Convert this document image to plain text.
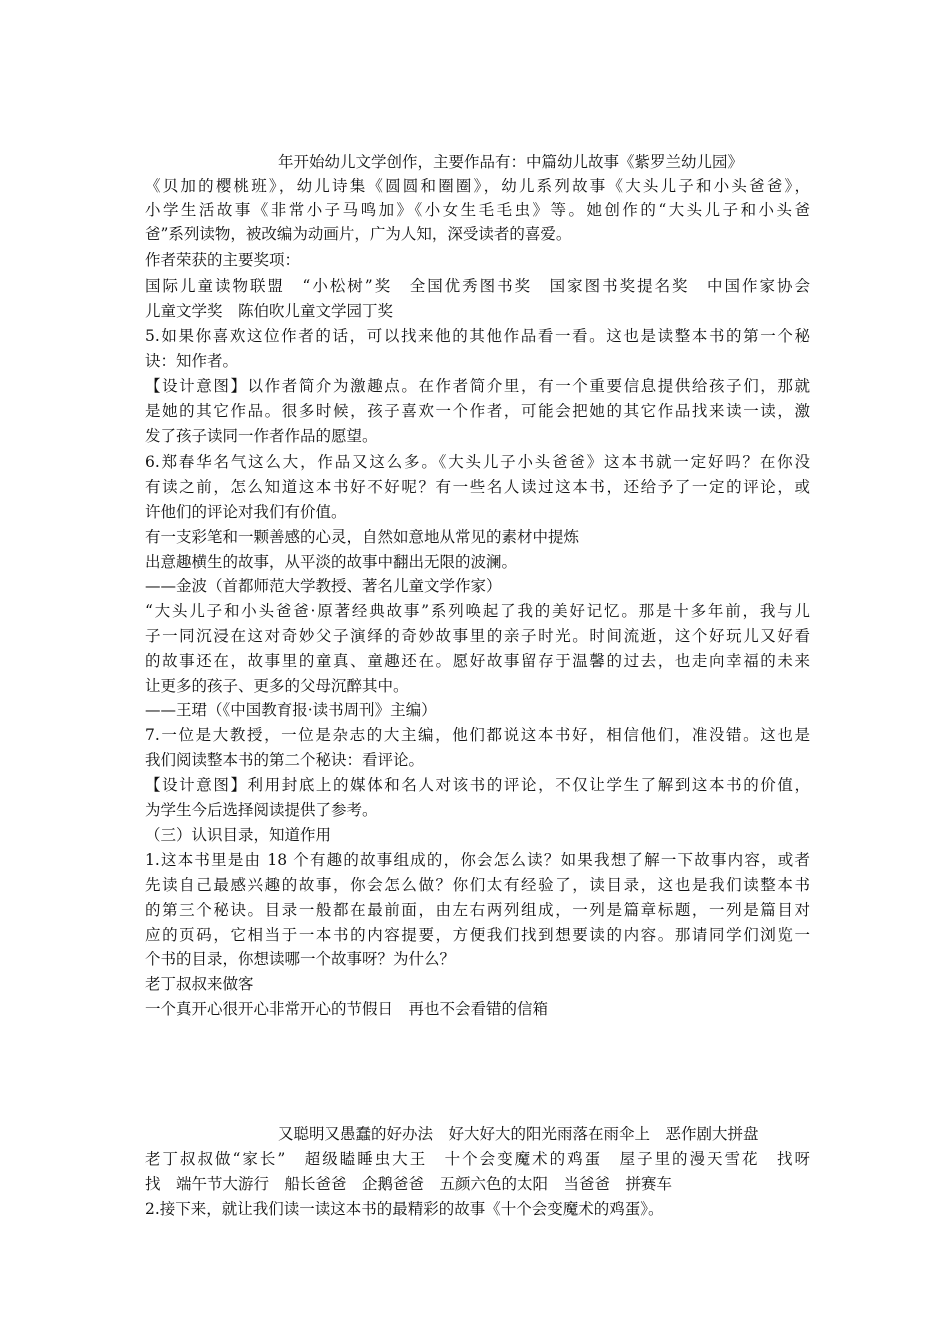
年开始幼儿文学创作，主要作品有：中篇幼儿故事《紫罗兰幼儿园》
《贝加的樱桃班》，幼儿诗集《圆圆和圈圈》，幼儿系列故事《大头儿子和小头爸爸》，
小学生活故事《非常小子马鸣加》《小女生毛毛虫》等。她创作的“大头儿子和小头爸
爸”系列读物，被改编为动画片，广为人知，深受读者的喜爱。
作者荣获的主要奖项：
国际儿童读物联盟　“小松树”奖　全国优秀图书奖　国家图书奖提名奖　中国作家协会
儿童文学奖　陈伯吹儿童文学园丁奖
5.如果你喜欢这位作者的话，可以找来他的其他作品看一看。这也是读整本书的第一个秘
诀：知作者。
【设计意图】以作者简介为激趣点。在作者简介里，有一个重要信息提供给孩子们，那就
是她的其它作品。很多时候，孩子喜欢一个作者，可能会把她的其它作品找来读一读，激
发了孩子读同一作者作品的愿望。
6.郑春华名气这么大，作品又这么多。《大头儿子小头爸爸》这本书就一定好吗？在你没
有读之前，怎么知道这本书好不好呢？有一些名人读过这本书，还给予了一定的评论，或
许他们的评论对我们有价值。
有一支彩笔和一颗善感的心灵，自然如意地从常见的素材中提炼
出意趣横生的故事，从平淡的故事中翻出无限的波澜。
——金波（首都师范大学教授、著名儿童文学作家）
“大头儿子和小头爸爸·原著经典故事”系列唤起了我的美好记忆。那是十多年前，我与儿
子一同沉浸在这对奇妙父子演绎的奇妙故事里的亲子时光。时间流逝，这个好玩儿又好看
的故事还在，故事里的童真、童趣还在。愿好故事留存于温馨的过去，也走向幸福的未来
让更多的孩子、更多的父母沉醉其中。
——王珺（《中国教育报·读书周刊》主编）
7.一位是大教授，一位是杂志的大主编，他们都说这本书好，相信他们，准没错。这也是
我们阅读整本书的第二个秘诀：看评论。
【设计意图】利用封底上的媒体和名人对该书的评论，不仅让学生了解到这本书的价值，
为学生今后选择阅读提供了参考。
（三）认识目录，知道作用
1.这本书里是由 18 个有趣的故事组成的，你会怎么读？如果我想了解一下故事内容，或者
先读自己最感兴趣的故事，你会怎么做？你们太有经验了，读目录，这也是我们读整本书
的第三个秘诀。目录一般都在最前面，由左右两列组成，一列是篇章标题，一列是篇目对
应的页码，它相当于一本书的内容提要，方便我们找到想要读的内容。那请同学们浏览一
个书的目录，你想读哪一个故事呀？为什么？
老丁叔叔来做客
一个真开心很开心非常开心的节假日　再也不会看错的信箱
又聪明又愚蠢的好办法　好大好大的阳光雨落在雨伞上　恶作剧大拼盘
老丁叔叔做“家长”　超级瞌睡虫大王　十个会变魔术的鸡蛋　屋子里的漫天雪花　找呀
找　端午节大游行　船长爸爸　企鹅爸爸　五颜六色的太阳　当爸爸　拼赛车
2.接下来，就让我们读一读这本书的最精彩的故事《十个会变魔术的鸡蛋》。
